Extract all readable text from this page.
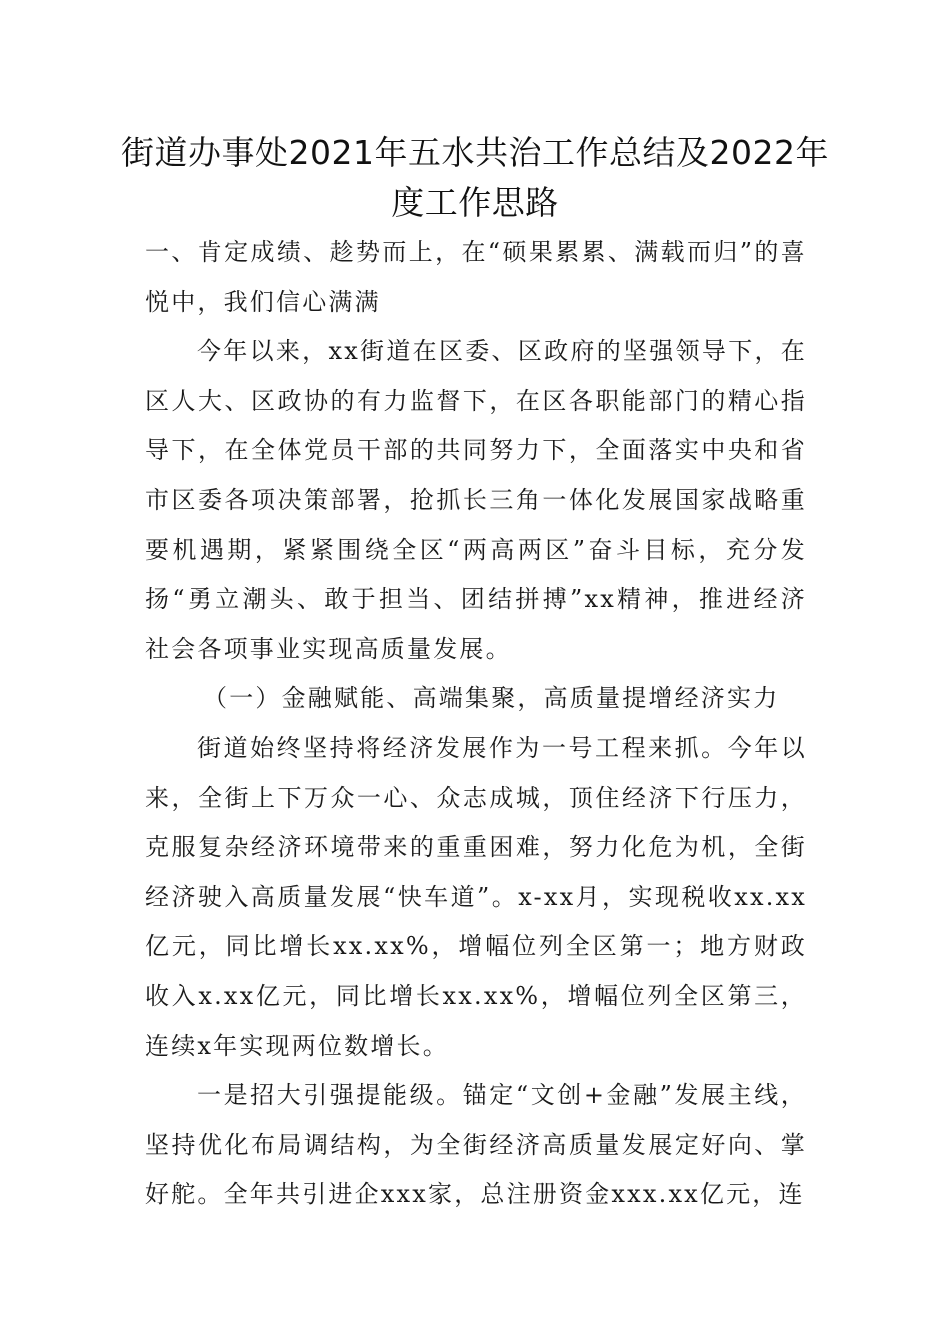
街道办事处2021年五水共治工作总结及2022年度工作思路

一、肯定成绩、趁势而上，在“硕果累累、满载而归”的喜悦中，我们信心满满

今年以来，xx街道在区委、区政府的坚强领导下，在区人大、区政协的有力监督下，在区各职能部门的精心指导下，在全体党员干部的共同努力下，全面落实中央和省市区委各项决策部署，抢抓长三角一体化发展国家战略重要机遇期，紧紧围绕全区“两高两区”奋斗目标，充分发扬“勇立潮头、敢于担当、团结拼搏”xx精神，推进经济社会各项事业实现高质量发展。

（一）金融赋能、高端集聚，高质量提增经济实力

街道始终坚持将经济发展作为一号工程来抓。今年以来，全街上下万众一心、众志成城，顶住经济下行压力，克服复杂经济环境带来的重重困难，努力化危为机，全街经济驶入高质量发展“快车道”。x-xx月，实现税收xx.xx亿元，同比增长xx.xx%，增幅位列全区第一；地方财政收入x.xx亿元，同比增长xx.xx%，增幅位列全区第三，连续x年实现两位数增长。

一是招大引强提能级。锚定“文创+金融”发展主线，坚持优化布局调结构，为全街经济高质量发展定好向、掌好舵。全年共引进企xxx家，总注册资金xxx.xx亿元，连
